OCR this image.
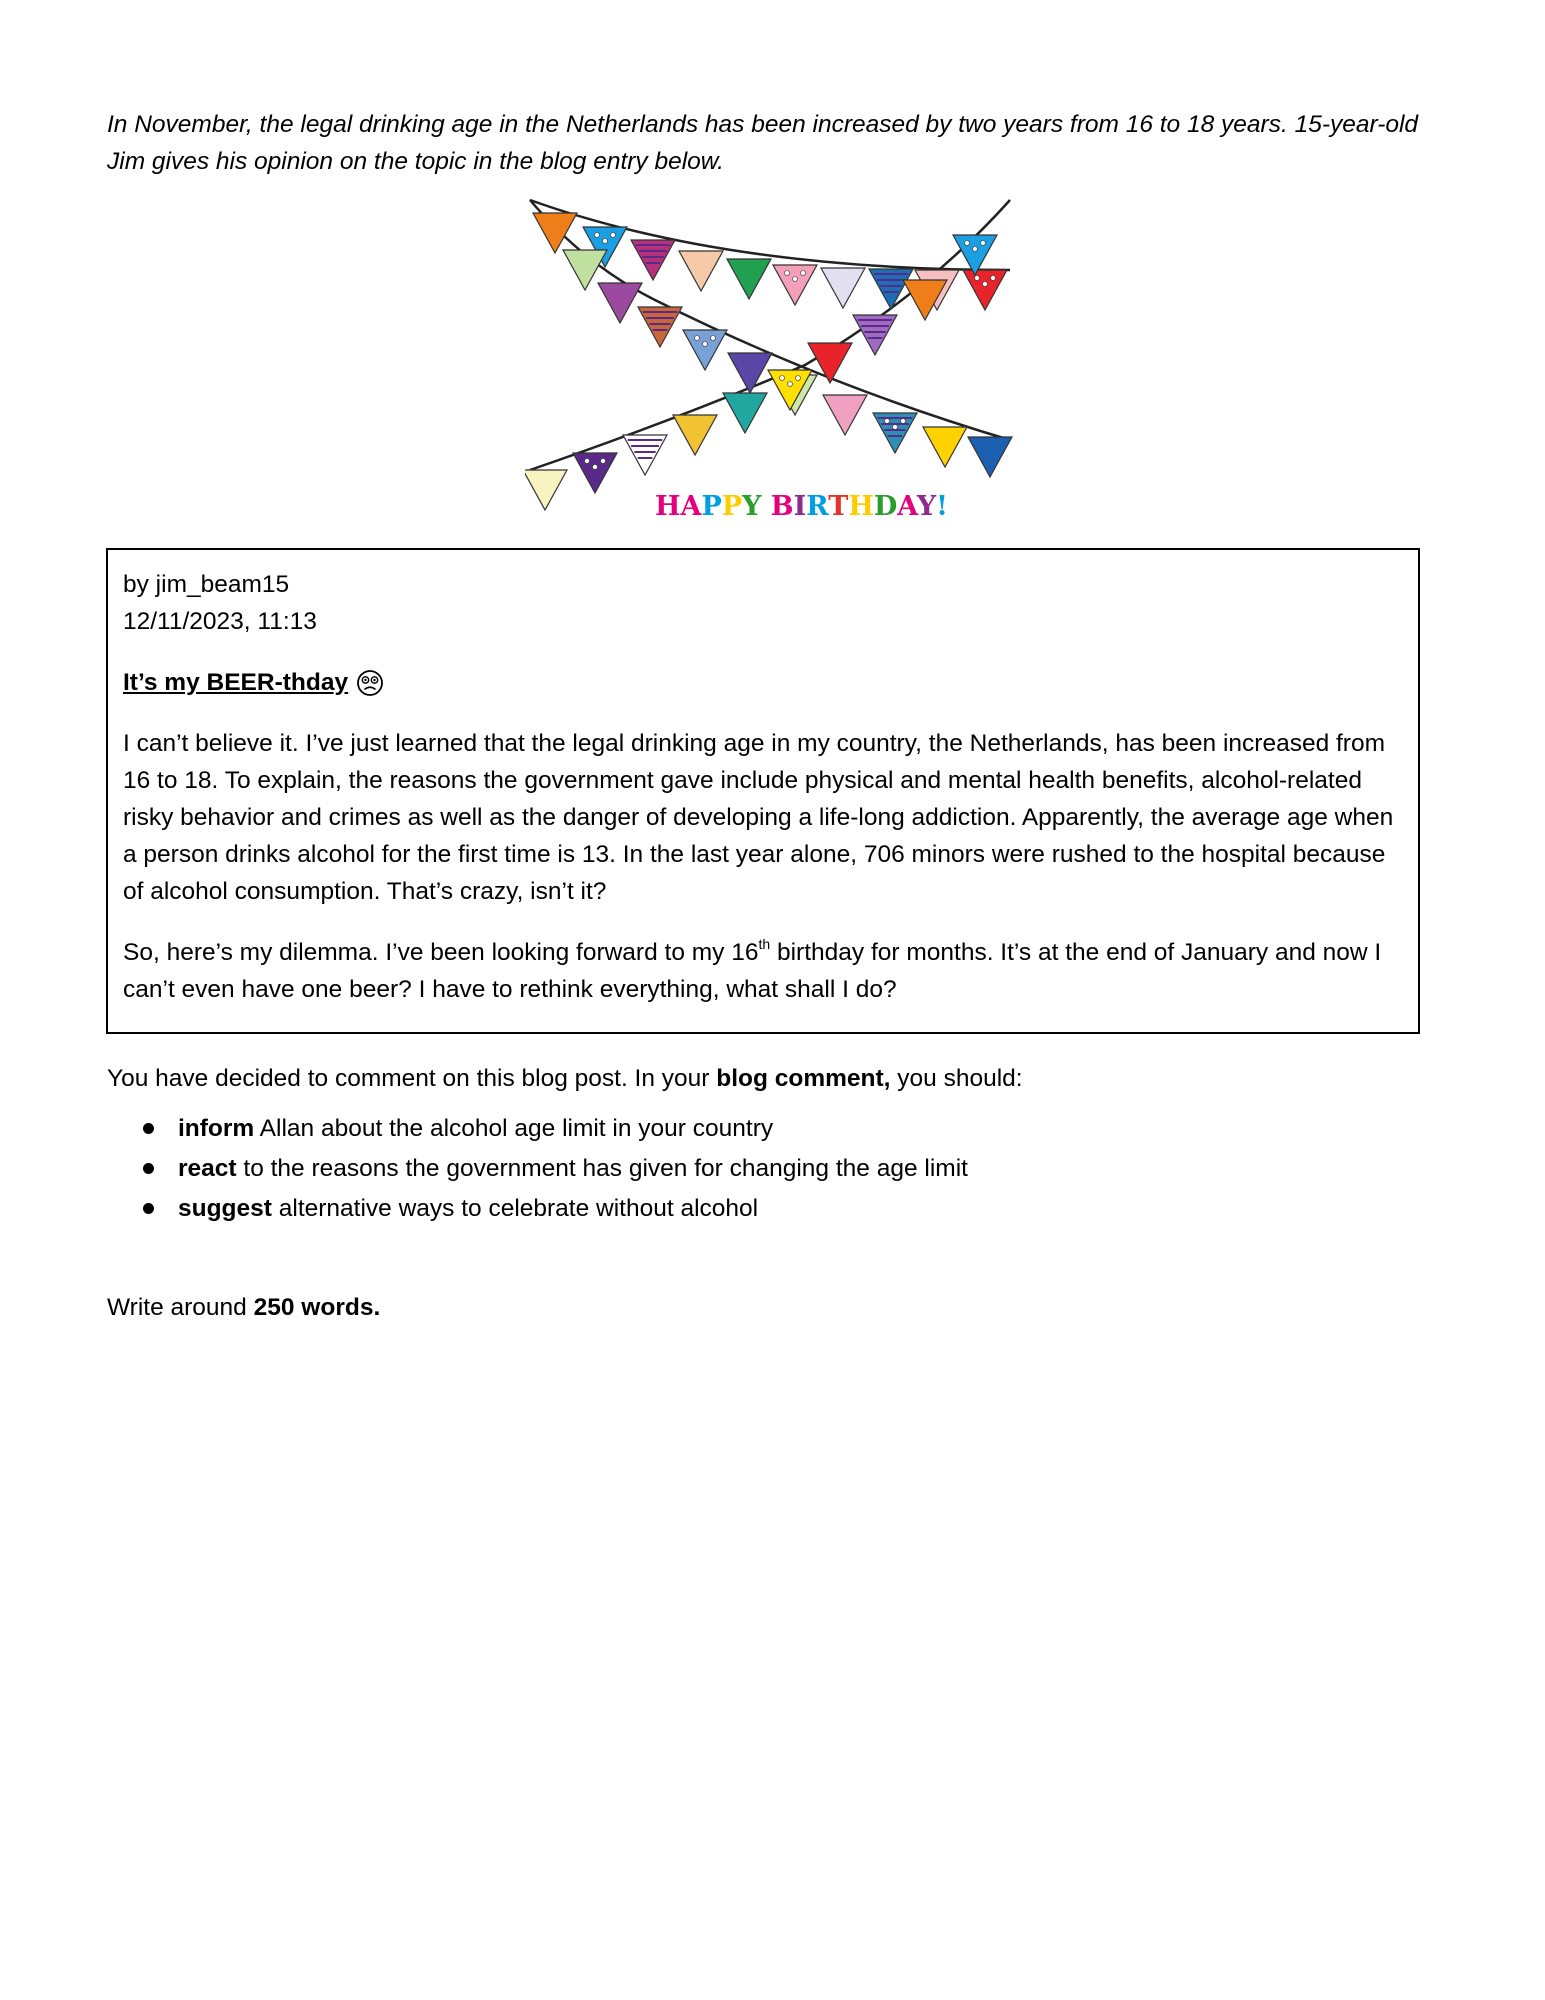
In November, the legal drinking age in the Netherlands has been increased by two years from 16 to 18 years. 15-year-old Jim gives his opinion on the topic in the blog entry below.

HAPPY BIRTHDAY!
by jim_beam15
12/11/2023, 11:13
It’s my BEER-thday

I can’t believe it. I’ve just learned that the legal drinking age in my country, the Netherlands, has been increased from 16 to 18. To explain, the reasons the government gave include physical and mental health benefits, alcohol-related risky behavior and crimes as well as the danger of developing a life-long addiction. Apparently, the average age when a person drinks alcohol for the first time is 13. In the last year alone, 706 minors were rushed to the hospital because of alcohol consumption. That’s crazy, isn’t it?

So, here’s my dilemma. I’ve been looking forward to my 16th birthday for months. It’s at the end of January and now I can’t even have one beer? I have to rethink everything, what shall I do?

You have decided to comment on this blog post. In your blog comment, you should:
inform Allan about the alcohol age limit in your country
react to the reasons the government has given for changing the age limit
suggest alternative ways to celebrate without alcohol
Write around 250 words.
